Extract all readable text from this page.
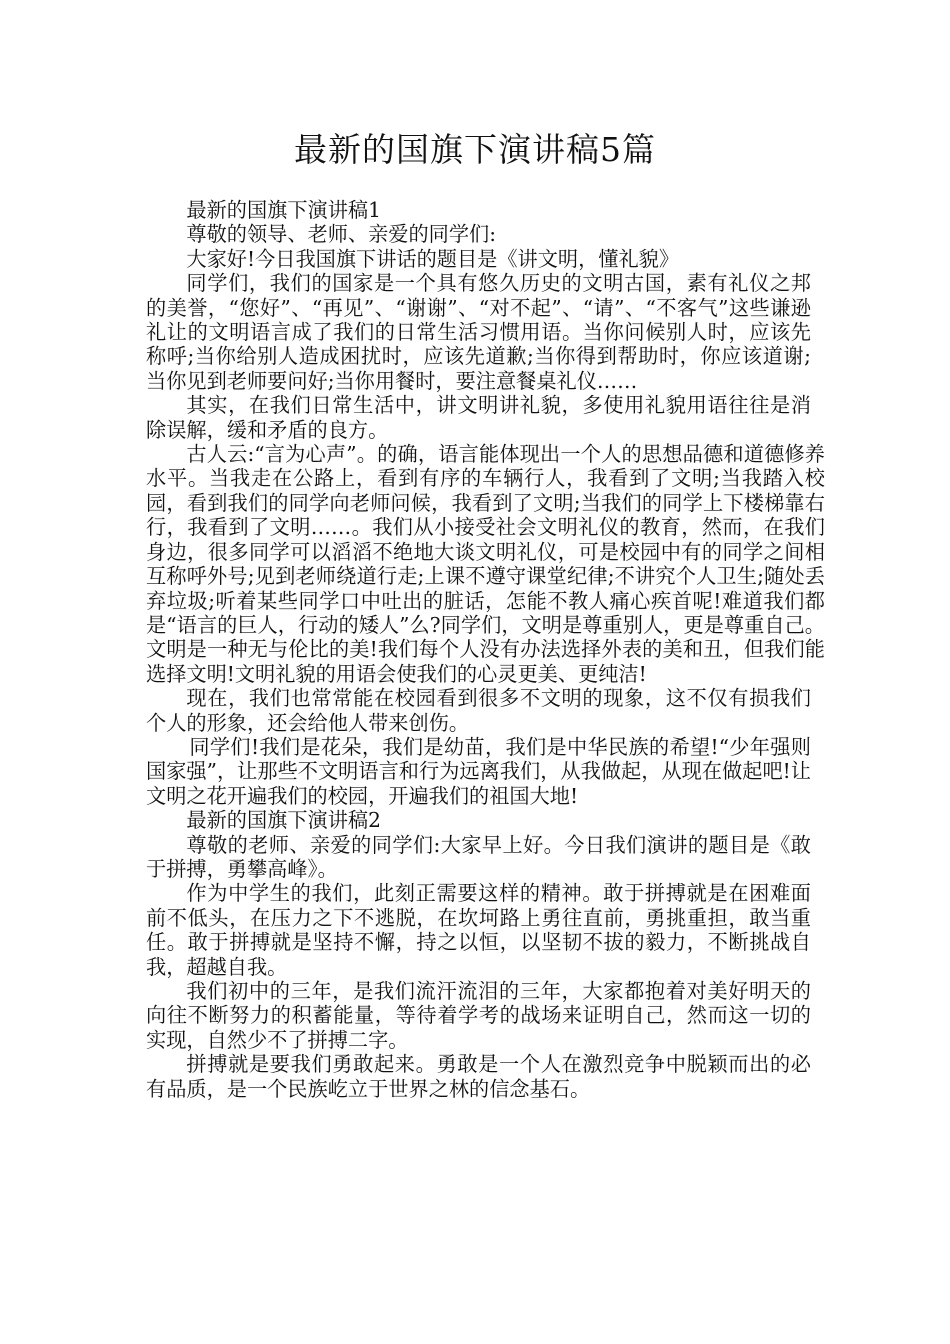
最新的国旗下演讲稿5篇

最新的国旗下演讲稿1

尊敬的领导、老师、亲爱的同学们:

大家好!今日我国旗下讲话的题目是《讲文明，懂礼貌》

同学们，我们的国家是一个具有悠久历史的文明古国，素有礼仪之邦的美誉，“您好”、“再见”、“谢谢”、“对不起”、“请”、“不客气”这些谦逊礼让的文明语言成了我们的日常生活习惯用语。当你问候别人时，应该先称呼;当你给别人造成困扰时，应该先道歉;当你得到帮助时，你应该道谢;当你见到老师要问好;当你用餐时，要注意餐桌礼仪……

其实，在我们日常生活中，讲文明讲礼貌，多使用礼貌用语往往是消除误解，缓和矛盾的良方。

古人云:“言为心声”。的确，语言能体现出一个人的思想品德和道德修养水平。当我走在公路上，看到有序的车辆行人，我看到了文明;当我踏入校园，看到我们的同学向老师问候，我看到了文明;当我们的同学上下楼梯靠右行，我看到了文明……。我们从小接受社会文明礼仪的教育，然而，在我们身边，很多同学可以滔滔不绝地大谈文明礼仪，可是校园中有的同学之间相互称呼外号;见到老师绕道行走;上课不遵守课堂纪律;不讲究个人卫生;随处丢弃垃圾;听着某些同学口中吐出的脏话，怎能不教人痛心疾首呢!难道我们都是“语言的巨人，行动的矮人”么?同学们，文明是尊重别人，更是尊重自己。文明是一种无与伦比的美!我们每个人没有办法选择外表的美和丑，但我们能选择文明!文明礼貌的用语会使我们的心灵更美、更纯洁!

现在，我们也常常能在校园看到很多不文明的现象，这不仅有损我们个人的形象，还会给他人带来创伤。

同学们!我们是花朵，我们是幼苗，我们是中华民族的希望!“少年强则国家强”，让那些不文明语言和行为远离我们，从我做起，从现在做起吧!让文明之花开遍我们的校园，开遍我们的祖国大地!

最新的国旗下演讲稿2

尊敬的老师、亲爱的同学们:大家早上好。今日我们演讲的题目是《敢于拼搏，勇攀高峰》。

作为中学生的我们，此刻正需要这样的精神。敢于拼搏就是在困难面前不低头，在压力之下不逃脱，在坎坷路上勇往直前，勇挑重担，敢当重任。敢于拼搏就是坚持不懈，持之以恒，以坚韧不拔的毅力，不断挑战自我，超越自我。

我们初中的三年，是我们流汗流泪的三年，大家都抱着对美好明天的向往不断努力的积蓄能量，等待着学考的战场来证明自己，然而这一切的实现，自然少不了拼搏二字。

拼搏就是要我们勇敢起来。勇敢是一个人在激烈竞争中脱颖而出的必有品质，是一个民族屹立于世界之林的信念基石。
